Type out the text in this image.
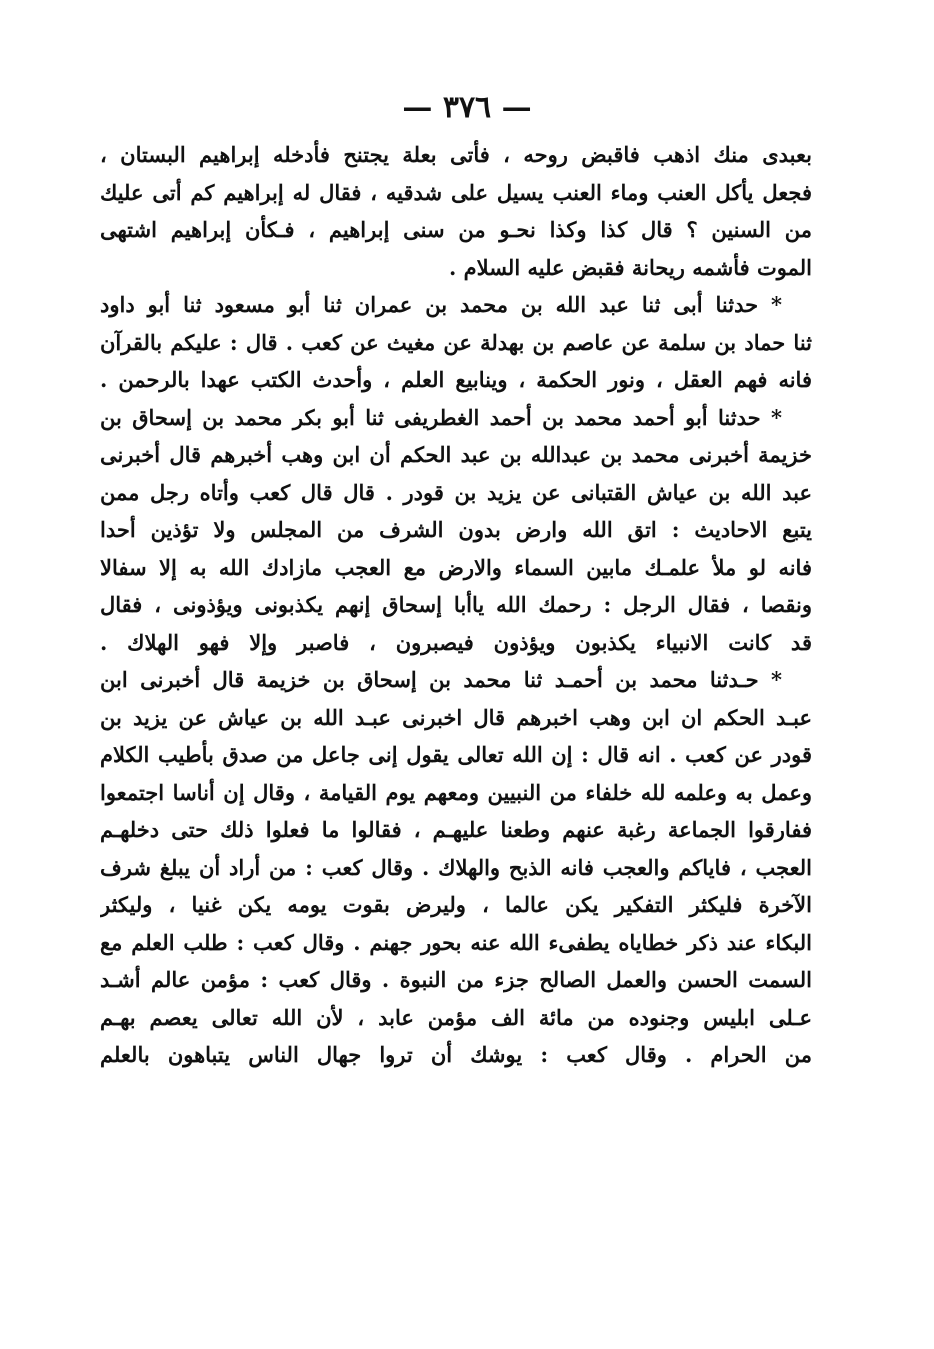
— ٣٧٦ —
بعبدى منك اذهب فاقبض روحه ، فأتى بعلة يجتنح فأدخله إبراهيم البستان ،
فجعل يأكل العنب وماء العنب يسيل على شدقيه ، فقال له إبراهيم كم أتى عليك
من السنين ؟ قال كذا وكذا نحـو من سنى إبراهيم ، فـكأن إبراهيم اشتهى
الموت فأشمه ريحانة فقبض عليه السلام .
* حدثنا أبى ثنا عبد الله بن محمد بن عمران ثنا أبو مسعود ثنا أبو داود
ثنا حماد بن سلمة عن عاصم بن بهدلة عن مغيث عن كعب . قال : عليكم بالقرآن
فانه فهم العقل ، ونور الحكمة ، وينابيع العلم ، وأحدث الكتب عهدا بالرحمن .
* حدثنا أبو أحمد محمد بن أحمد الغطريفى ثنا أبو بكر محمد بن إسحاق بن
خزيمة أخبرنى محمد بن عبدالله بن عبد الحكم أن ابن وهب أخبرهم قال أخبرنى
عبد الله بن عياش القتبانى عن يزيد بن قودر . قال قال كعب وأتاه رجل ممن
يتبع الاحاديث : اتق الله وارض بدون الشرف من المجلس ولا تؤذين أحدا
فانه لو ملأ علمـك مابين السماء والارض مع العجب مازادك الله به إلا سفالا
ونقصا ، فقال الرجل : رحمك الله ياأبا إسحاق إنهم يكذبونى ويؤذونى ، فقال
قد كانت الانبياء يكذبون ويؤذون فيصبرون ، فاصبر وإلا فهو الهلاك .
* حـدثنا محمد بن أحمـد ثنا محمد بن إسحاق بن خزيمة قال أخبرنى ابن
عبـد الحكم ان ابن وهب اخبرهم قال اخبرنى عبـد الله بن عياش عن يزيد بن
قودر عن كعب . انه قال : إن الله تعالى يقول إنى جاعل من صدق بأطيب الكلام
وعمل به وعلمه لله خلفاء من النبيين ومعهم يوم القيامة ، وقال إن أناسا اجتمعوا
ففارقوا الجماعة رغبة عنهم وطعنا عليهـم ، فقالوا ما فعلوا ذلك حتى دخلهـم
العجب ، فاياكم والعجب فانه الذبح والهلاك . وقال كعب : من أراد أن يبلغ شرف
الآخرة فليكثر التفكير يكن عالما ، وليرض بقوت يومه يكن غنيا ، وليكثر
البكاء عند ذكر خطاياه يطفىء الله عنه بحور جهنم . وقال كعب : طلب العلم مع
السمت الحسن والعمل الصالح جزء من النبوة . وقال كعب : مؤمن عالم أشـد
عـلى ابليس وجنوده من مائة الف مؤمن عابد ، لأن الله تعالى يعصم بهـم
من الحرام . وقال كعب : يوشك أن تروا جهال الناس يتباهون بالعلم
